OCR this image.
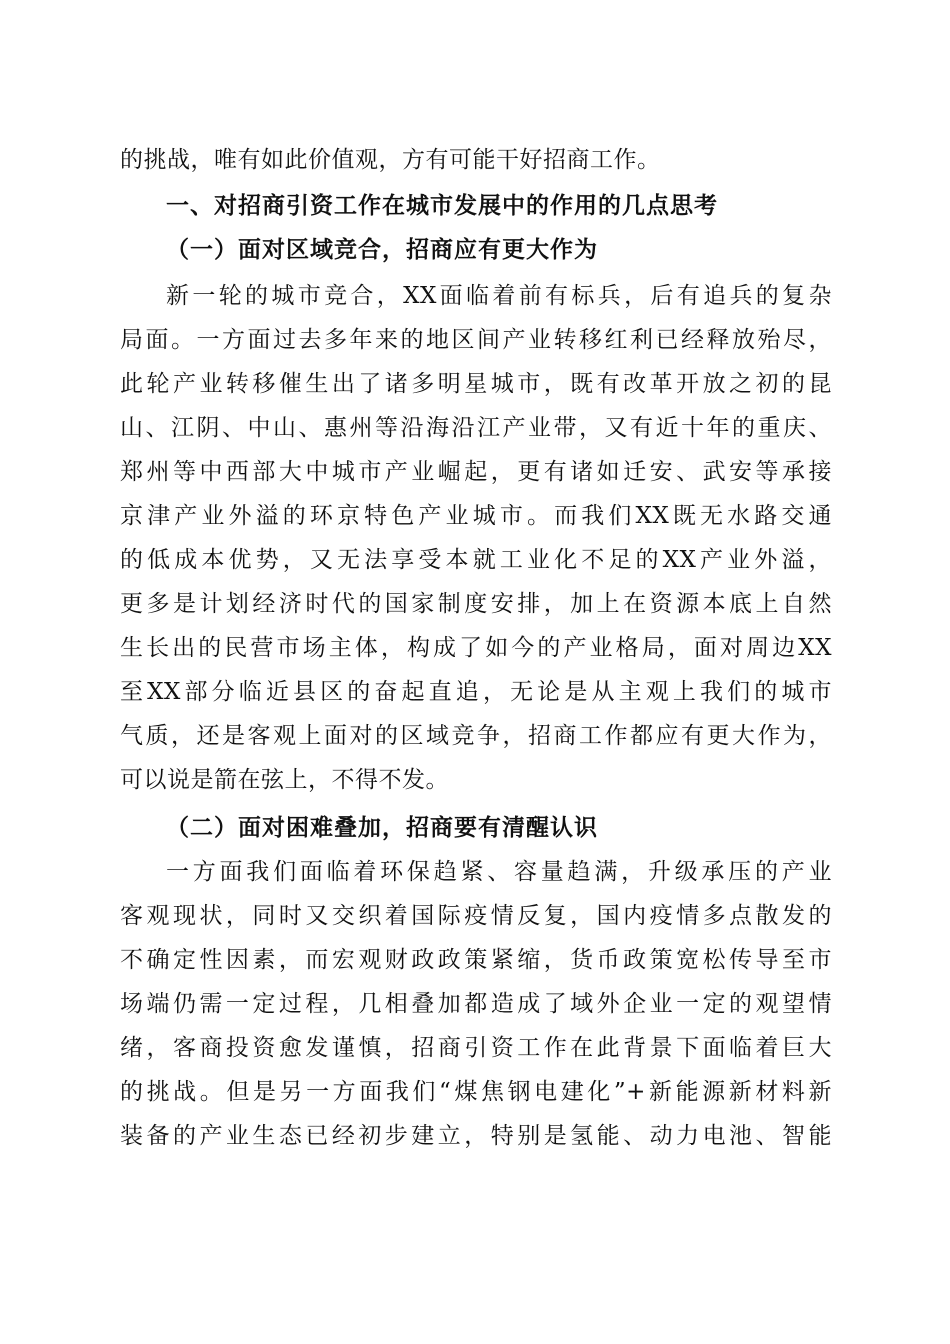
的挑战，唯有如此价值观，方有可能干好招商工作。
一、对招商引资工作在城市发展中的作用的几点思考
（一）面对区域竞合，招商应有更大作为
新一轮的城市竞合，XX面临着前有标兵，后有追兵的复杂
局面。一方面过去多年来的地区间产业转移红利已经释放殆尽，
此轮产业转移催生出了诸多明星城市，既有改革开放之初的昆
山、江阴、中山、惠州等沿海沿江产业带，又有近十年的重庆、
郑州等中西部大中城市产业崛起，更有诸如迁安、武安等承接
京津产业外溢的环京特色产业城市。而我们XX既无水路交通
的低成本优势，又无法享受本就工业化不足的XX产业外溢，
更多是计划经济时代的国家制度安排，加上在资源本底上自然
生长出的民营市场主体，构成了如今的产业格局，面对周边XX
至XX部分临近县区的奋起直追，无论是从主观上我们的城市
气质，还是客观上面对的区域竞争，招商工作都应有更大作为，
可以说是箭在弦上，不得不发。
（二）面对困难叠加，招商要有清醒认识
一方面我们面临着环保趋紧、容量趋满，升级承压的产业
客观现状，同时又交织着国际疫情反复，国内疫情多点散发的
不确定性因素，而宏观财政政策紧缩，货币政策宽松传导至市
场端仍需一定过程，几相叠加都造成了域外企业一定的观望情
绪，客商投资愈发谨慎，招商引资工作在此背景下面临着巨大
的挑战。但是另一方面我们“煤焦钢电建化”+新能源新材料新
装备的产业生态已经初步建立，特别是氢能、动力电池、智能
